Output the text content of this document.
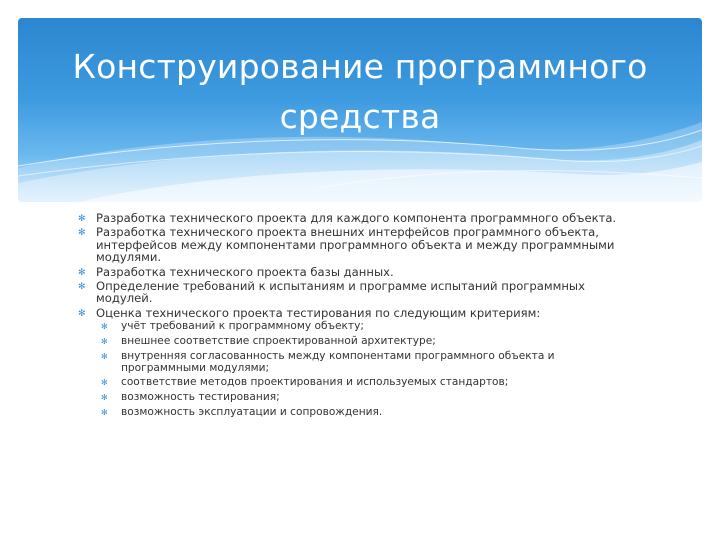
Конструирование программного
средства
✻ Разработка технического проекта для каждого компонента программного объекта.
✻ Разработка технического проекта внешних интерфейсов программного объекта, интерфейсов между компонентами программного объекта и между программными модулями.
✻ Разработка технического проекта базы данных.
✻ Определение требований к испытаниям и программе испытаний программных модулей.
✻ Оценка технического проекта тестирования по следующим критериям:
✻ учёт требований к программному объекту;
✻ внешнее соответствие спроектированной архитектуре;
✻ внутренняя согласованность между компонентами программного объекта и программными модулями;
✻ соответствие методов проектирования и используемых стандартов;
✻ возможность тестирования;
✻ возможность эксплуатации и сопровождения.
